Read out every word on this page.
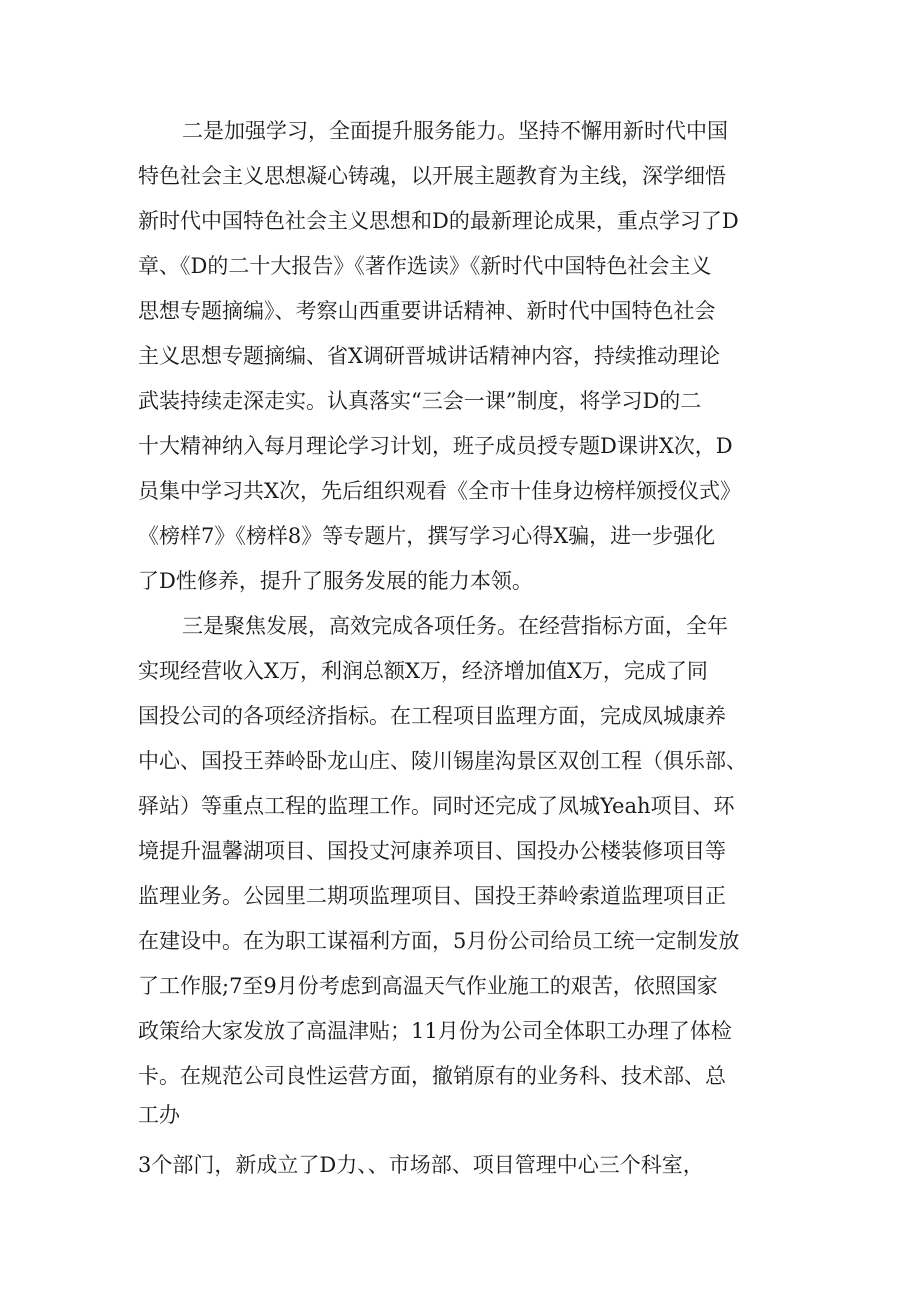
二是加强学习，全面提升服务能力。坚持不懈用新时代中国
特色社会主义思想凝心铸魂，以开展主题教育为主线，深学细悟
新时代中国特色社会主义思想和D的最新理论成果，重点学习了D
章、《D的二十大报告》《著作选读》《新时代中国特色社会主义
思想专题摘编》、考察山西重要讲话精神、新时代中国特色社会
主义思想专题摘编、省X调研晋城讲话精神内容，持续推动理论
武装持续走深走实。认真落实“三会一课”制度，将学习D的二
十大精神纳入每月理论学习计划，班子成员授专题D课讲X次，D
员集中学习共X次，先后组织观看《全市十佳身边榜样颁授仪式》
《榜样7》《榜样8》等专题片，撰写学习心得X骗，进一步强化
了D性修养，提升了服务发展的能力本领。
三是聚焦发展，高效完成各项任务。在经营指标方面，全年
实现经营收入X万，利润总额X万，经济增加值X万，完成了同
国投公司的各项经济指标。在工程项目监理方面，完成凤城康养
中心、国投王莽岭卧龙山庄、陵川锡崖沟景区双创工程（俱乐部、
驿站）等重点工程的监理工作。同时还完成了凤城Yeah项目、环
境提升温馨湖项目、国投丈河康养项目、国投办公楼装修项目等
监理业务。公园里二期项监理项目、国投王莽岭索道监理项目正
在建设中。在为职工谋福利方面，5月份公司给员工统一定制发放
了工作服;7至9月份考虑到高温天气作业施工的艰苦，依照国家
政策给大家发放了高温津贴；11月份为公司全体职工办理了体检
卡。在规范公司良性运营方面，撤销原有的业务科、技术部、总
工办
3个部门，新成立了D力、、市场部、项目管理中心三个科室，
